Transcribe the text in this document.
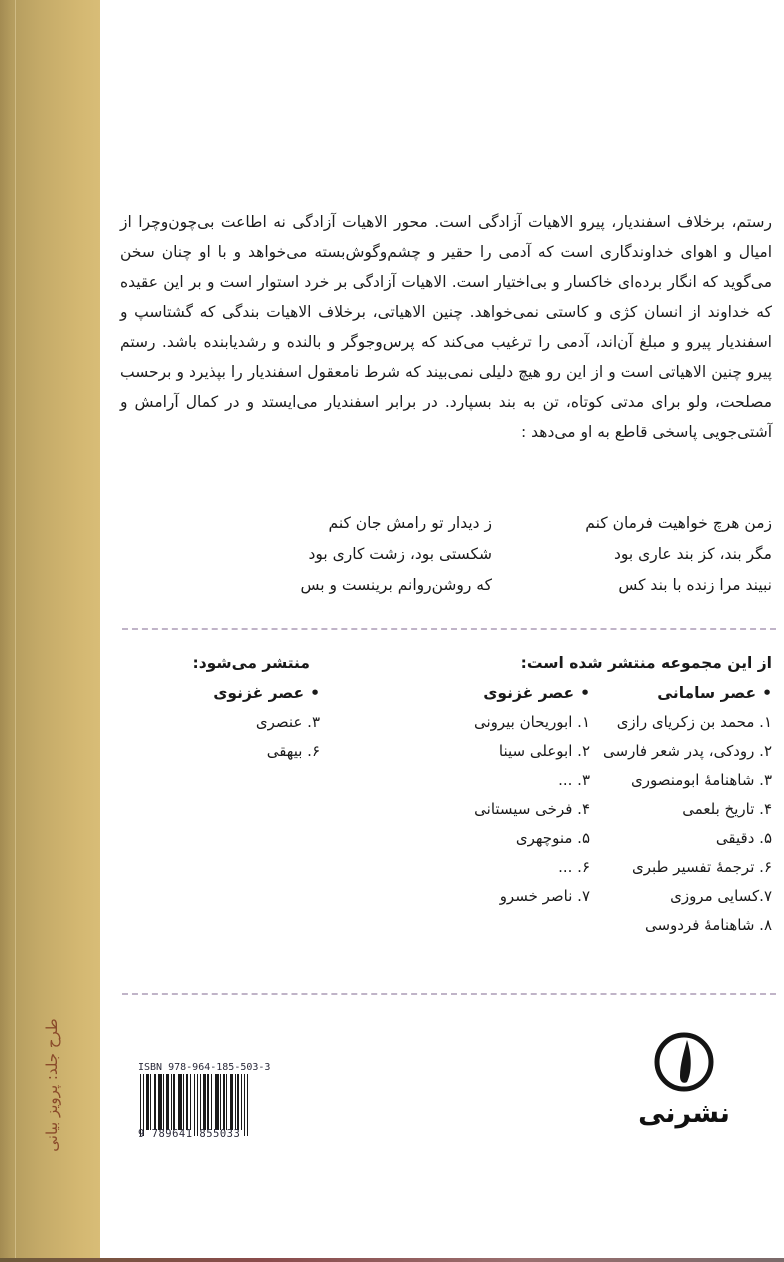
طرح جلد: پرویز بیانی

رستم، برخلاف اسفندیار، پیرو الاهیات آزادگی است. محور الاهیات آزادگی نه اطاعت بی‌چون‌وچرا از امیال و اهوای خداوندگاری است که آدمی را حقیر و چشم‌وگوش‌بسته می‌خواهد و با او چنان سخن می‌گوید که انگار برده‌ای خاکسار و بی‌اختیار است. الاهیات آزادگی بر خرد استوار است و بر این عقیده که خداوند از انسان کژی و کاستی نمی‌خواهد. چنین الاهیاتی، برخلاف الاهیات بندگی که گشتاسپ و اسفندیار پیرو و مبلغ آن‌اند، آدمی را ترغیب می‌کند که پرس‌وجوگر و بالنده و رشدیابنده باشد. رستم پیرو چنین الاهیاتی است و از این رو هیچ دلیلی نمی‌بیند که شرط نامعقول اسفندیار را بپذیرد و برحسب مصلحت، ولو برای مدتی کوتاه، تن به بند بسپارد. در برابر اسفندیار می‌ایستد و در کمال آرامش و آشتی‌جویی پاسخی قاطع به او می‌دهد :

زمن هرچ خواهیت فرمان کنم
ز دیدار تو رامش جان کنم
مگر بند، کز بند عاری بود
شکستی بود، زشت کاری بود
نبیند مرا زنده با بند کس
که روشن‌روانم برینست و بس
از این مجموعه منتشر شده است:
منتشر می‌شود:
•عصر سامانی
۱. محمد بن زکریای رازی
۲. رودکی، پدر شعر فارسی
۳. شاهنامهٔ ابومنصوری
۴. تاریخ بلعمی
۵. دقیقی
۶. ترجمهٔ تفسیر طبری
۷.کسایی مروزی
۸. شاهنامهٔ فردوسی
•عصر غزنوی
۱. ابوریحان بیرونی
۲. ابوعلی سینا
۳. ...
۴. فرخی سیستانی
۵. منوچهری
۶. ...
۷. ناصر خسرو
•عصر غزنوی
۳. عنصری
۶. بیهقی
ISBN 978-964-185-503-3
9 789641 855033
نشرنی
